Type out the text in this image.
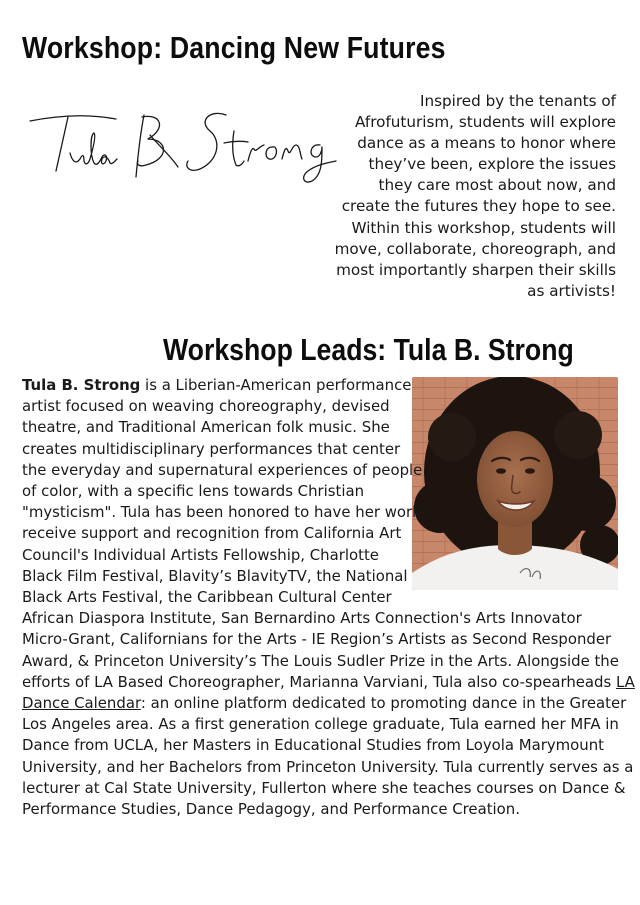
Workshop: Dancing New Futures
Inspired by the tenants of
Afrofuturism, students will explore
dance as a means to honor where
they’ve been, explore the issues
they care most about now, and
create the futures they hope to see.
Within this workshop, students will
move, collaborate, choreograph, and
most importantly sharpen their skills
as artivists!
Workshop Leads: Tula B. Strong
Tula B. Strong is a Liberian-American performance
artist focused on weaving choreography, devised
theatre, and Traditional American folk music. She
creates multidisciplinary performances that center
the everyday and supernatural experiences of people
of color, with a specific lens towards Christian
"mysticism". Tula has been honored to have her work
receive support and recognition from California Art
Council's Individual Artists Fellowship, Charlotte
Black Film Festival, Blavity’s BlavityTV, the National
Black Arts Festival, the Caribbean Cultural Center
African Diaspora Institute, San Bernardino Arts Connection's Arts Innovator
Micro-Grant, Californians for the Arts - IE Region’s Artists as Second Responder
Award, & Princeton University’s The Louis Sudler Prize in the Arts. Alongside the
efforts of LA Based Choreographer, Marianna Varviani, Tula also co-spearheads LA
Dance Calendar: an online platform dedicated to promoting dance in the Greater
Los Angeles area. As a first generation college graduate, Tula earned her MFA in
Dance from UCLA, her Masters in Educational Studies from Loyola Marymount
University, and her Bachelors from Princeton University. Tula currently serves as a
lecturer at Cal State University, Fullerton where she teaches courses on Dance &
Performance Studies, Dance Pedagogy, and Performance Creation.
